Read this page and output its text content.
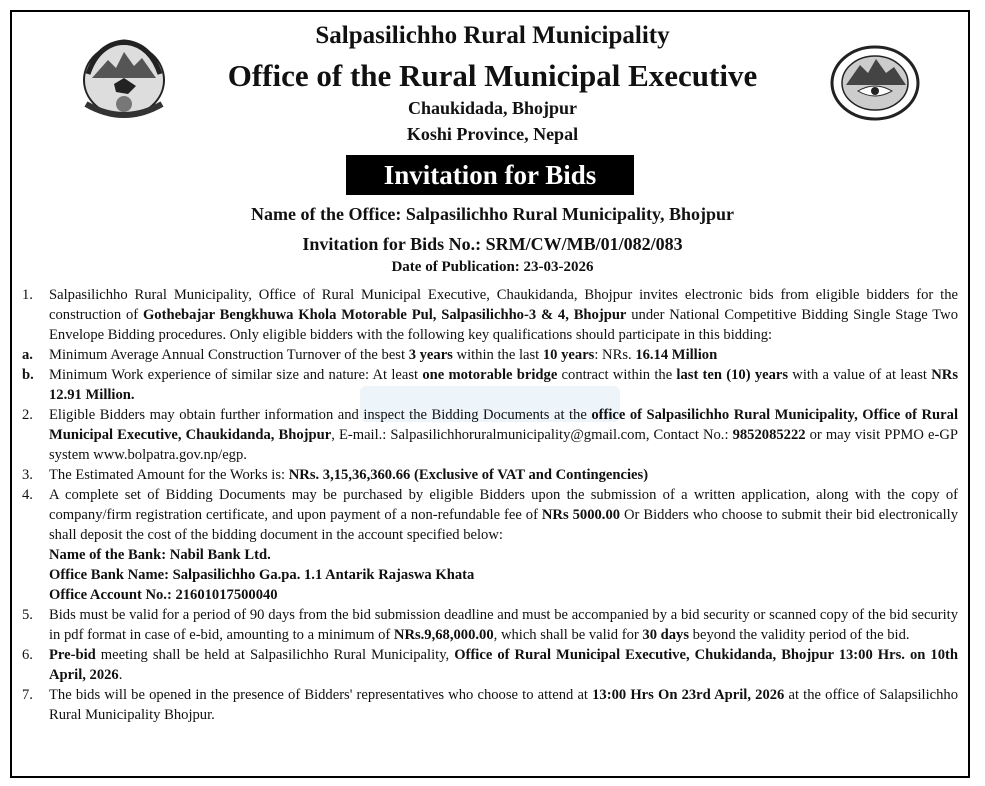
Salpasilichho Rural Municipality
Office of the Rural Municipal Executive
Chaukidada, Bhojpur
Koshi Province, Nepal
Invitation for Bids
Name of the Office: Salpasilichho Rural Municipality, Bhojpur
Invitation for Bids No.: SRM/CW/MB/01/082/083
Date of Publication: 23-03-2026
1.	Salpasilichho Rural Municipality, Office of Rural Municipal Executive, Chaukidanda, Bhojpur invites electronic bids from eligible bidders for the construction of Gothebajar Bengkhuwa Khola Motorable Pul, Salpasilichho-3 & 4, Bhojpur under National Competitive Bidding Single Stage Two Envelope Bidding procedures. Only eligible bidders with the following key qualifications should participate in this bidding:
a.	Minimum Average Annual Construction Turnover of the best 3 years within the last 10 years: NRs. 16.14 Million
b.	Minimum Work experience of similar size and nature: At least one motorable bridge contract within the last ten (10) years with a value of at least NRs 12.91 Million.
2.	Eligible Bidders may obtain further information and inspect the Bidding Documents at the office of Salpasilichho Rural Municipality, Office of Rural Municipal Executive, Chaukidanda, Bhojpur, E-mail.: Salpasilichhoruralmunicipality@gmail.com, Contact No.: 9852085222 or may visit PPMO e-GP system www.bolpatra.gov.np/egp.
3.	The Estimated Amount for the Works is: NRs. 3,15,36,360.66 (Exclusive of VAT and Contingencies)
4.	A complete set of Bidding Documents may be purchased by eligible Bidders upon the submission of a written application, along with the copy of company/firm registration certificate, and upon payment of a non-refundable fee of NRs 5000.00 Or Bidders who choose to submit their bid electronically shall deposit the cost of the bidding document in the account specified below:
Name of the Bank: Nabil Bank Ltd.
Office Bank Name: Salpasilichho Ga.pa. 1.1 Antarik Rajaswa Khata
Office Account No.: 21601017500040
5.	Bids must be valid for a period of 90 days from the bid submission deadline and must be accompanied by a bid security or scanned copy of the bid security in pdf format in case of e-bid, amounting to a minimum of NRs.9,68,000.00, which shall be valid for 30 days beyond the validity period of the bid.
6.	Pre-bid meeting shall be held at Salpasilichho Rural Municipality, Office of Rural Municipal Executive, Chukidanda, Bhojpur 13:00 Hrs. on 10th April, 2026.
7.	The bids will be opened in the presence of Bidders' representatives who choose to attend at 13:00 Hrs On 23rd April, 2026 at the office of Salapsilichho Rural Municipality Bhojpur.
